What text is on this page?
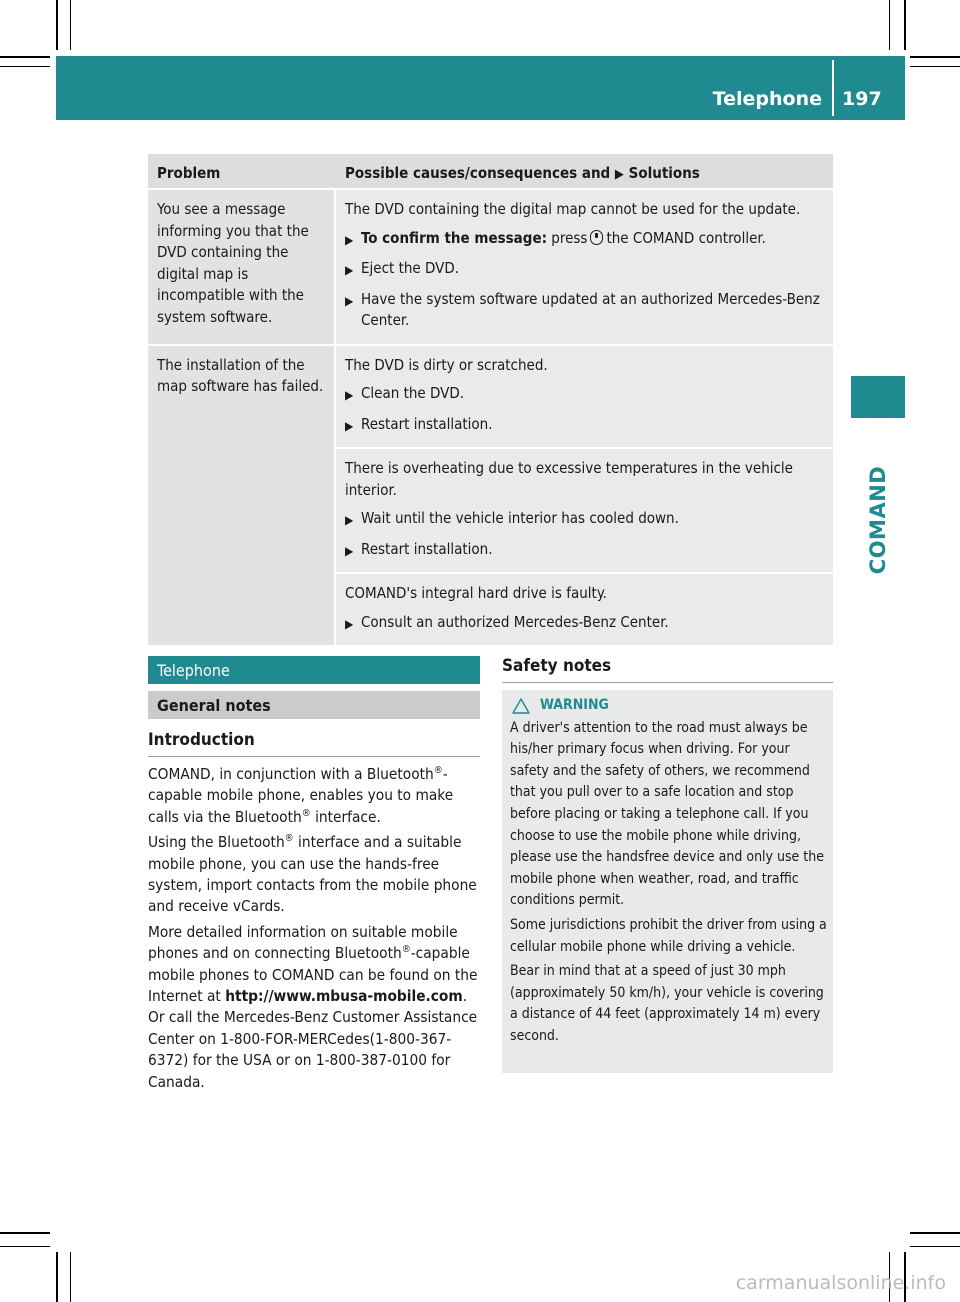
Telephone 197
COMAND
Problem	Possible causes/consequences and ▶ Solutions
You see a message informing you that the DVD containing the digital map is incompatible with the system software.

The DVD containing the digital map cannot be used for the update.

▶ To confirm the message: press the COMAND controller.
▶ Eject the DVD.
▶ Have the system software updated at an authorized Mercedes-Benz Center.
The installation of the map software has failed.

The DVD is dirty or scratched.

▶ Clean the DVD.
▶ Restart installation.

There is overheating due to excessive temperatures in the vehicle interior.

▶ Wait until the vehicle interior has cooled down.
▶ Restart installation.

COMAND's integral hard drive is faulty.

▶ Consult an authorized Mercedes-Benz Center.
Telephone
General notes
Introduction

COMAND, in conjunction with a Bluetooth®-capable mobile phone, enables you to make calls via the Bluetooth® interface.

Using the Bluetooth® interface and a suitable mobile phone, you can use the hands-free system, import contacts from the mobile phone and receive vCards.

More detailed information on suitable mobile phones and on connecting Bluetooth®-capable mobile phones to COMAND can be found on the Internet at http://www.mbusa-mobile.com. Or call the Mercedes-Benz Customer Assistance Center on 1-800-FOR-MERCedes(1-800-367-6372) for the USA or on 1-800-387-0100 for Canada.

Safety notes
WARNING

A driver's attention to the road must always be his/her primary focus when driving. For your safety and the safety of others, we recommend that you pull over to a safe location and stop before placing or taking a telephone call. If you choose to use the mobile phone while driving, please use the handsfree device and only use the mobile phone when weather, road, and traffic conditions permit.

Some jurisdictions prohibit the driver from using a cellular mobile phone while driving a vehicle.

Bear in mind that at a speed of just 30 mph (approximately 50 km/h), your vehicle is covering a distance of 44 feet (approximately 14 m) every second.

carmanualsonline.info
